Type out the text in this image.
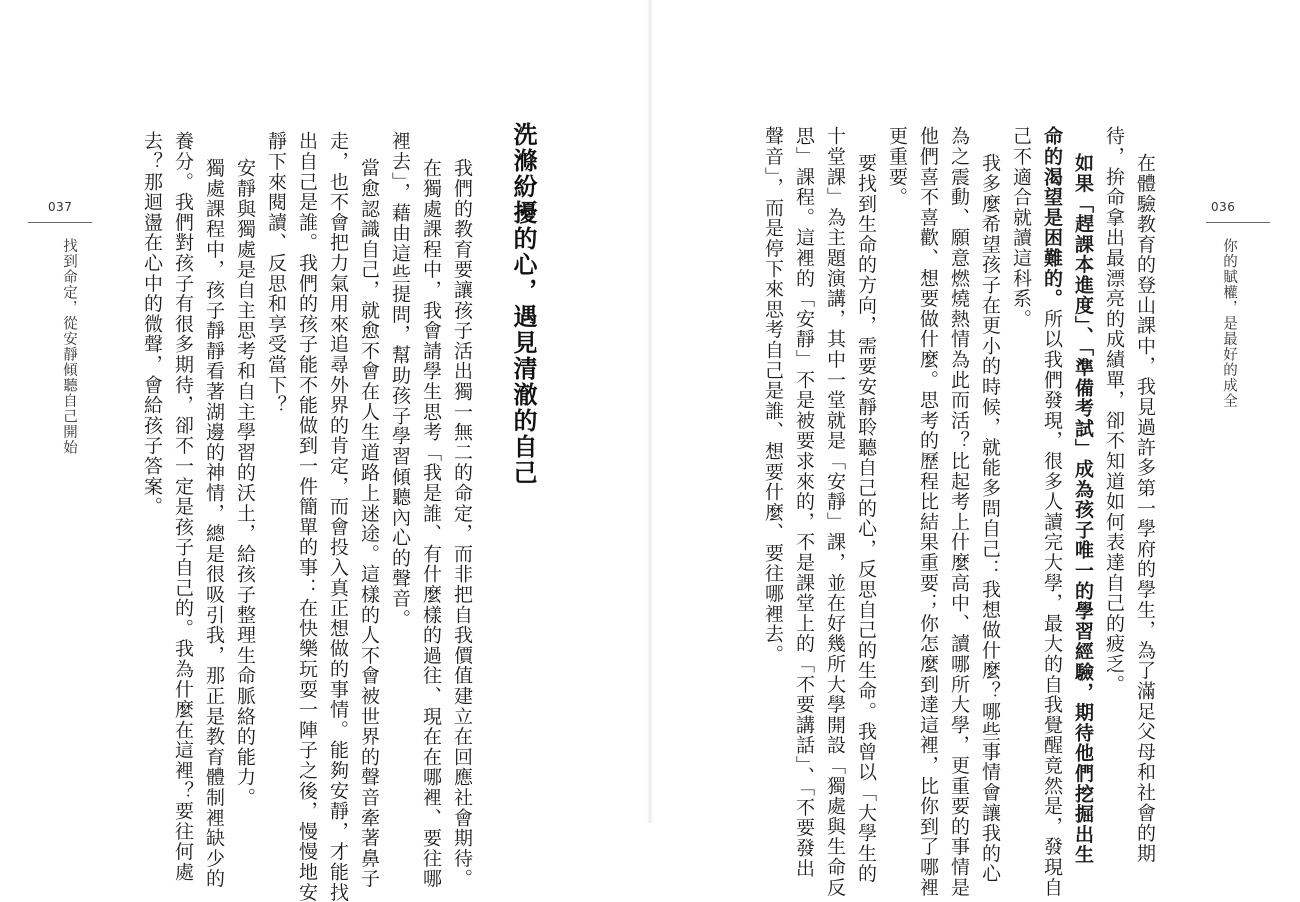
037
找到命定，從安靜傾聽自己開始	洗滌紛擾的心，遇見清澈的自己
我們的教育要讓孩子活出獨一無二的命定，而非把自我價值建立在回應社會期待。
在獨處課程中，我會請學生思考「我是誰、有什麼樣的過往、現在在哪裡、要往哪
裡去」，藉由這些提問，幫助孩子學習傾聽內心的聲音。
當愈認識自己，就愈不會在人生道路上迷途。這樣的人不會被世界的聲音牽著鼻子
走，也不會把力氣用來追尋外界的肯定，而會投入真正想做的事情。能夠安靜，才能找
出自己是誰。我們的孩子能不能做到一件簡單的事：在快樂玩耍一陣子之後，慢慢地安
靜下來閱讀、反思和享受當下？
安靜與獨處是自主思考和自主學習的沃土，給孩子整理生命脈絡的能力。
獨處課程中，孩子靜靜看著湖邊的神情，總是很吸引我，那正是教育體制裡缺少的
養分。我們對孩子有很多期待，卻不一定是孩子自己的。我為什麼在這裡？要往何處
去？那迴盪在心中的微聲，會給孩子答案。	036
你的賦權，是最好的成全
在體驗教育的登山課中，我見過許多第一學府的學生，為了滿足父母和社會的期
待，拚命拿出最漂亮的成績單，卻不知道如何表達自己的疲乏。
如果「趕課本進度」、「準備考試」成為孩子唯一的學習經驗，期待他們挖掘出生
命的渴望是困難的。所以我們發現，很多人讀完大學，最大的自我覺醒竟然是，發現自
己不適合就讀這科系。
我多麼希望孩子在更小的時候，就能多問自己：我想做什麼？哪些事情會讓我的心
為之震動、願意燃燒熱情為此而活？比起考上什麼高中、讀哪所大學，更重要的事情是
他們喜不喜歡、想要做什麼。思考的歷程比結果重要；你怎麼到達這裡，比你到了哪裡
更重要。
要找到生命的方向，需要安靜聆聽自己的心，反思自己的生命。我曾以「大學生的
十堂課」為主題演講，其中一堂就是「安靜」課，並在好幾所大學開設「獨處與生命反
思」課程。這裡的「安靜」不是被要求來的，不是課堂上的「不要講話」、「不要發出
聲音」，而是停下來思考自己是誰、想要什麼、要往哪裡去。
